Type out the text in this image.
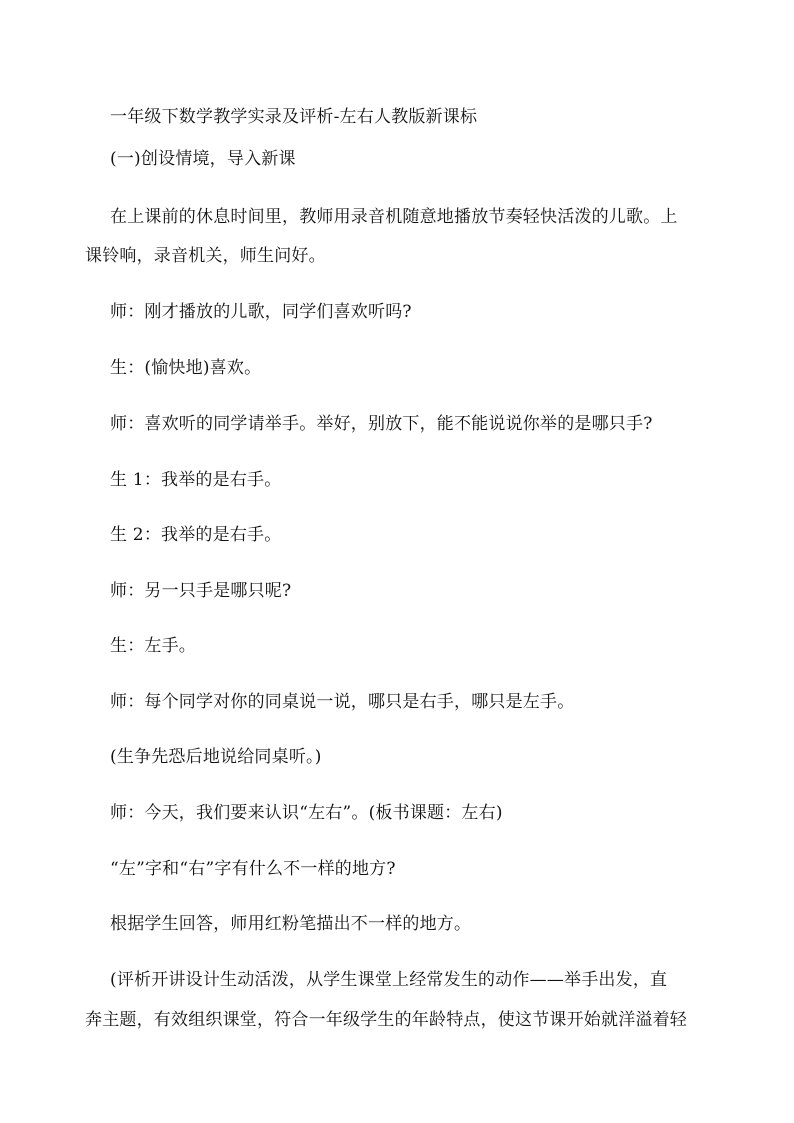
一年级下数学教学实录及评析-左右人教版新课标
(一)创设情境，导入新课
在上课前的休息时间里，教师用录音机随意地播放节奏轻快活泼的儿歌。上
课铃响，录音机关，师生问好。
师：刚才播放的儿歌，同学们喜欢听吗?
生：(愉快地)喜欢。
师：喜欢听的同学请举手。举好，别放下，能不能说说你举的是哪只手?
生 1：我举的是右手。
生 2：我举的是右手。
师：另一只手是哪只呢?
生：左手。
师：每个同学对你的同桌说一说，哪只是右手，哪只是左手。
(生争先恐后地说给同桌听。)
师：今天，我们要来认识“左右”。(板书课题：左右)
“左”字和“右”字有什么不一样的地方?
根据学生回答，师用红粉笔描出不一样的地方。
(评析开讲设计生动活泼，从学生课堂上经常发生的动作——举手出发，直
奔主题，有效组织课堂，符合一年级学生的年龄特点，使这节课开始就洋溢着轻
